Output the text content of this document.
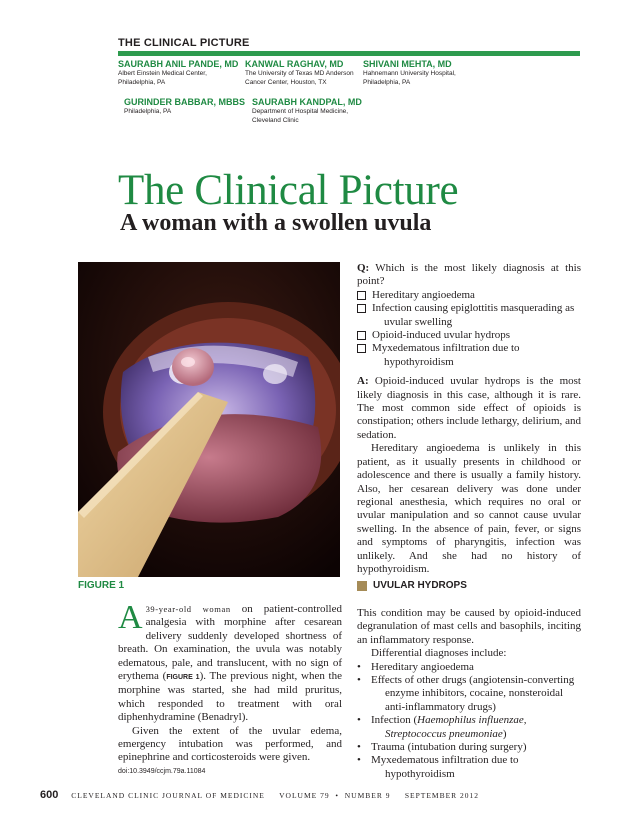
THE CLINICAL PICTURE
SAURABH ANIL PANDE, MD
Albert Einstein Medical Center,
Philadelphia, PA
KANWAL RAGHAV, MD
The University of Texas MD Anderson
Cancer Center, Houston, TX
SHIVANI MEHTA, MD
Hahnemann University Hospital,
Philadelphia, PA
GURINDER BABBAR, MBBS
Philadelphia, PA
SAURABH KANDPAL, MD
Department of Hospital Medicine,
Cleveland Clinic
The Clinical Picture
A woman with a swollen uvula
FIGURE 1

Q: Which is the most likely diagnosis at this point?

Hereditary angioedema
Infection causing epiglottitis masquerading as uvular swelling
Opioid-induced uvular hydrops
Myxedematous infiltration due to hypothyroidism

A: Opioid-induced uvular hydrops is the most likely diagnosis in this case, although it is rare. The most common side effect of opioids is constipation; others include lethargy, delirium, and sedation.

Hereditary angioedema is unlikely in this patient, as it usually presents in childhood or adolescence and there is usually a family history. Also, her cesarean delivery was done under regional anesthesia, which requires no oral or uvular manipulation and so cannot cause uvular swelling. In the absence of pain, fever, or signs and symptoms of pharyngitis, infection was unlikely. And she had no history of hypothyroidism.

UVULAR HYDROPS

A 39-year-old woman on patient-controlled analgesia with morphine after cesarean delivery suddenly developed shortness of breath. On examination, the uvula was notably edematous, pale, and translucent, with no sign of erythema (FIGURE 1). The previous night, when the morphine was started, she had mild pruritus, which responded to treatment with oral diphenhydramine (Benadryl).

Given the extent of the uvular edema, emergency intubation was performed, and epinephrine and corticosteroids were given.

doi:10.3949/ccjm.79a.11084

This condition may be caused by opioid-induced degranulation of mast cells and basophils, inciting an inflammatory response.

Differential diagnoses include:

• Hereditary angioedema
• Effects of other drugs (angiotensin-converting enzyme inhibitors, cocaine, nonsteroidal anti-inflammatory drugs)
• Infection (Haemophilus influenzae, Streptococcus pneumoniae)
• Trauma (intubation during surgery)
• Myxedematous infiltration due to hypothyroidism
600 CLEVELAND CLINIC JOURNAL OF MEDICINE VOLUME 79  •  NUMBER 9 SEPTEMBER 2012
